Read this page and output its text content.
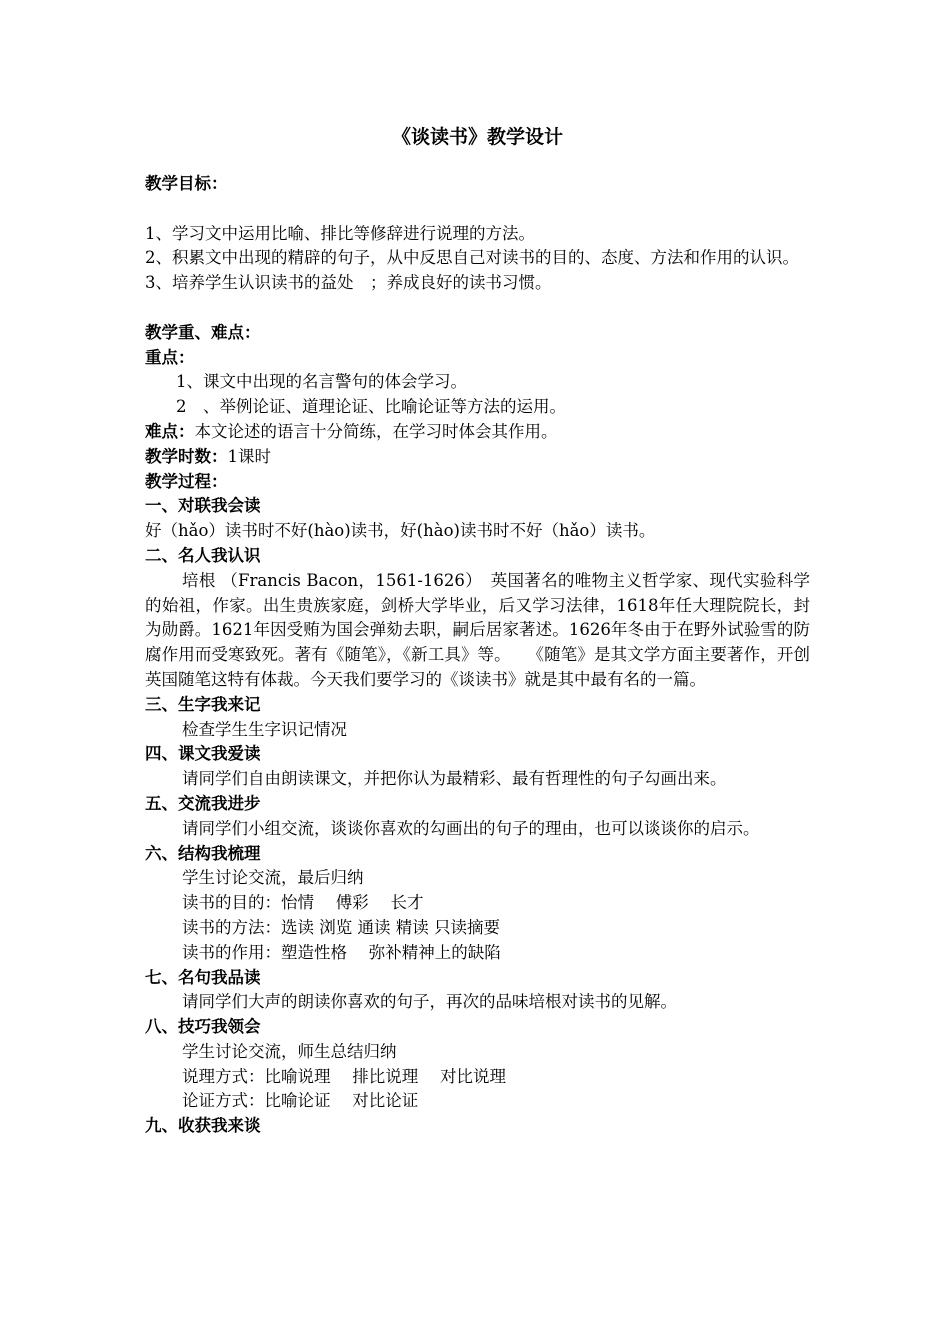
《谈读书》教学设计
教学目标：
1、学习文中运用比喻、排比等修辞进行说理的方法。
2、积累文中出现的精辟的句子，从中反思自己对读书的目的、态度、方法和作用的认识。
3、培养学生认识读书的益处　；养成良好的读书习惯。
教学重、难点：
重点：
1、课文中出现的名言警句的体会学习。
2　、举例论证、道理论证、比喻论证等方法的运用。
难点：本文论述的语言十分简练，在学习时体会其作用。
教学时数：1课时
教学过程：
一、对联我会读
好（hǎo）读书时不好(hào)读书，好(hào)读书时不好（hǎo）读书。
二、名人我认识
培根 （Francis Bacon，1561-1626）　英国著名的唯物主义哲学家、现代实验科学的始祖，作家。出生贵族家庭，剑桥大学毕业，后又学习法律，1618年任大理院院长，封为勋爵。1621年因受贿为国会弹劾去职，嗣后居家著述。1626年冬由于在野外试验雪的防腐作用而受寒致死。著有《随笔》，《新工具》等。　　《随笔》是其文学方面主要著作，开创英国随笔这特有体裁。今天我们要学习的《谈读书》就是其中最有名的一篇。
三、生字我来记
检查学生生字识记情况
四、课文我爱读
请同学们自由朗读课文，并把你认为最精彩、最有哲理性的句子勾画出来。
五、交流我进步
请同学们小组交流，谈谈你喜欢的勾画出的句子的理由，也可以谈谈你的启示。
六、结构我梳理
学生讨论交流，最后归纳
读书的目的：怡情　 傅彩　 长才
读书的方法：选读 浏览 通读 精读 只读摘要
读书的作用：塑造性格　 弥补精神上的缺陷
七、名句我品读
请同学们大声的朗读你喜欢的句子，再次的品味培根对读书的见解。
八、技巧我领会
学生讨论交流，师生总结归纳
说理方式：比喻说理　 排比说理　 对比说理
论证方式：比喻论证　 对比论证
九、收获我来谈
